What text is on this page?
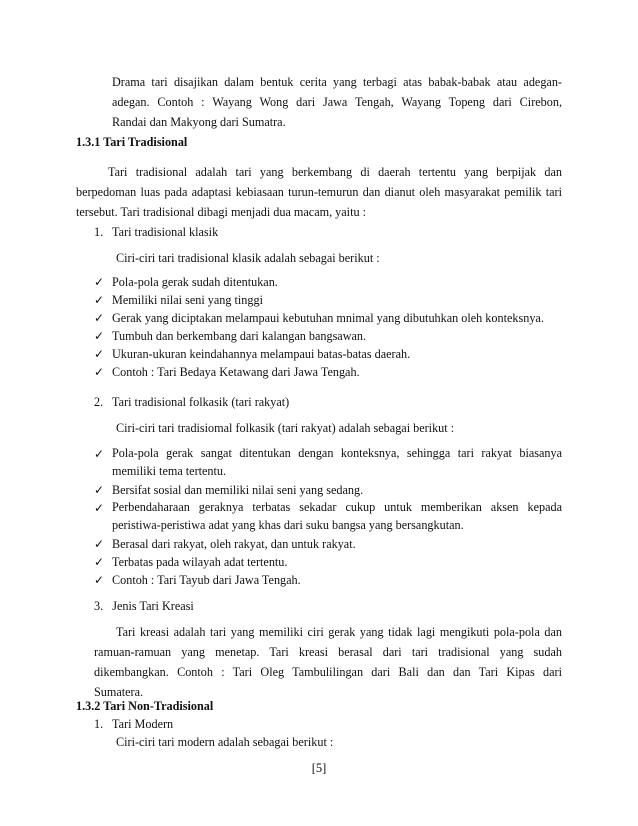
Drama tari disajikan dalam bentuk cerita yang terbagi atas babak-babak atau adegan-
adegan. Contoh : Wayang Wong dari Jawa Tengah, Wayang Topeng dari Cirebon,
Randai dan Makyong dari Sumatra.
1.3.1 Tari Tradisional
Tari tradisional adalah tari yang berkembang di daerah tertentu yang berpijak dan
berpedoman luas pada adaptasi kebiasaan turun-temurun dan dianut oleh masyarakat pemilik tari
tersebut. Tari tradisional dibagi menjadi dua macam, yaitu :
1.   Tari tradisional klasik
Ciri-ciri tari tradisional klasik adalah sebagai berikut :
✓ Pola-pola gerak sudah ditentukan.
✓ Memiliki nilai seni yang tinggi
✓ Gerak yang diciptakan melampaui kebutuhan mnimal yang dibutuhkan oleh konteksnya.
✓ Tumbuh dan berkembang dari kalangan bangsawan.
✓ Ukuran-ukuran keindahannya melampaui batas-batas daerah.
✓ Contoh : Tari Bedaya Ketawang dari Jawa Tengah.
2.   Tari tradisional folkasik (tari rakyat)
Ciri-ciri tari tradisiomal folkasik (tari rakyat) adalah sebagai berikut :
✓ Pola-pola gerak sangat ditentukan dengan konteksnya, sehingga tari rakyat biasanya
memiliki tema tertentu.
✓ Bersifat sosial dan memiliki nilai seni yang sedang.
✓ Perbendaharaan geraknya terbatas sekadar cukup untuk memberikan aksen kepada
peristiwa-peristiwa adat yang khas dari suku bangsa yang bersangkutan.
✓ Berasal dari rakyat, oleh rakyat, dan untuk rakyat.
✓ Terbatas pada wilayah adat tertentu.
✓ Contoh : Tari Tayub dari Jawa Tengah.
3.   Jenis Tari Kreasi
Tari kreasi adalah tari yang memiliki ciri gerak yang tidak lagi mengikuti pola-pola dan
ramuan-ramuan yang menetap. Tari kreasi berasal dari tari tradisional yang sudah
dikembangkan. Contoh : Tari Oleg Tambulilingan dari Bali dan dan Tari Kipas dari
Sumatera.
1.3.2 Tari Non-Tradisional
1.   Tari Modern
Ciri-ciri tari modern adalah sebagai berikut :
[5]
